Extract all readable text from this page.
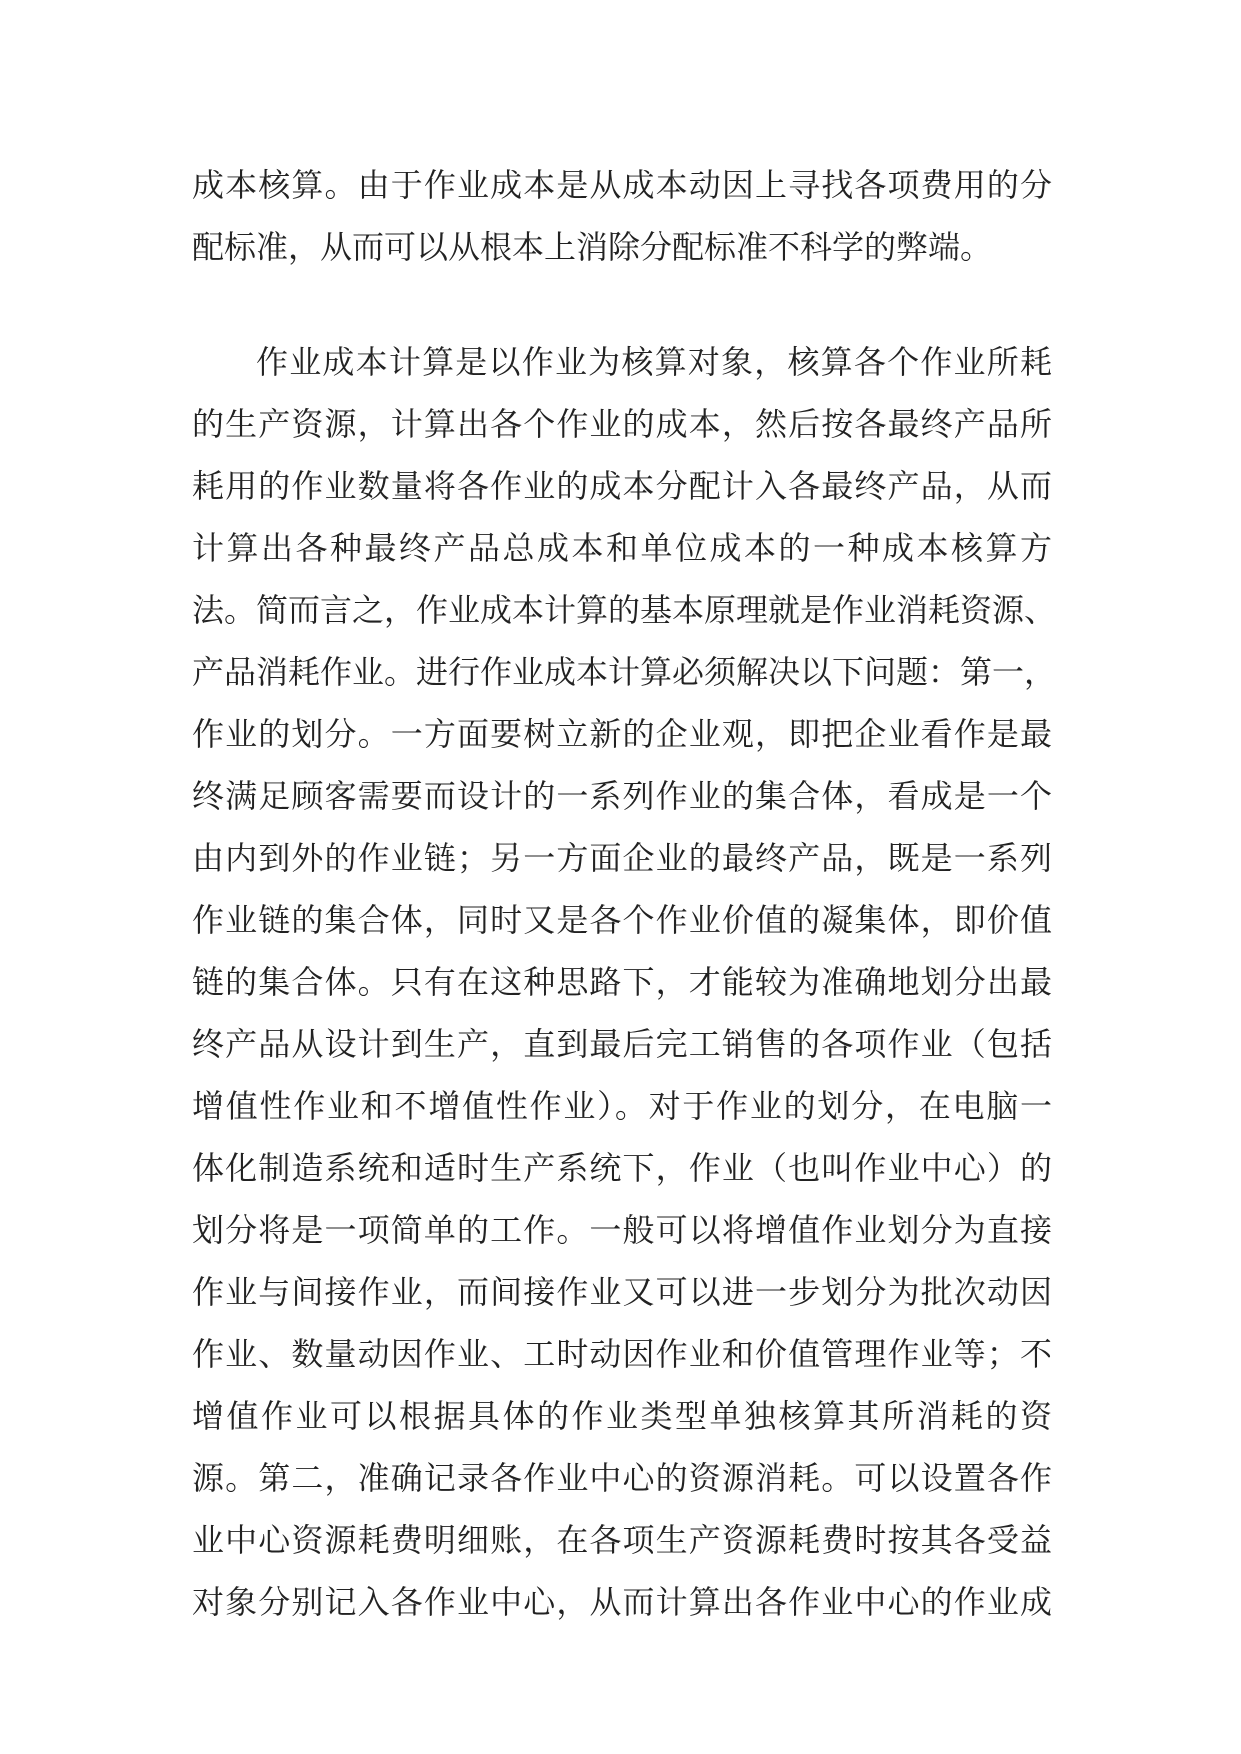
成本核算。由于作业成本是从成本动因上寻找各项费用的分
配标准，从而可以从根本上消除分配标准不科学的弊端。
作业成本计算是以作业为核算对象，核算各个作业所耗
的生产资源，计算出各个作业的成本，然后按各最终产品所
耗用的作业数量将各作业的成本分配计入各最终产品，从而
计算出各种最终产品总成本和单位成本的一种成本核算方
法。简而言之，作业成本计算的基本原理就是作业消耗资源、
产品消耗作业。进行作业成本计算必须解决以下问题：第一，
作业的划分。一方面要树立新的企业观，即把企业看作是最
终满足顾客需要而设计的一系列作业的集合体，看成是一个
由内到外的作业链；另一方面企业的最终产品，既是一系列
作业链的集合体，同时又是各个作业价值的凝集体，即价值
链的集合体。只有在这种思路下，才能较为准确地划分出最
终产品从设计到生产，直到最后完工销售的各项作业（包括
增值性作业和不增值性作业）。对于作业的划分，在电脑一
体化制造系统和适时生产系统下，作业（也叫作业中心）的
划分将是一项简单的工作。一般可以将增值作业划分为直接
作业与间接作业，而间接作业又可以进一步划分为批次动因
作业、数量动因作业、工时动因作业和价值管理作业等；不
增值作业可以根据具体的作业类型单独核算其所消耗的资
源。第二，准确记录各作业中心的资源消耗。可以设置各作
业中心资源耗费明细账，在各项生产资源耗费时按其各受益
对象分别记入各作业中心，从而计算出各作业中心的作业成
